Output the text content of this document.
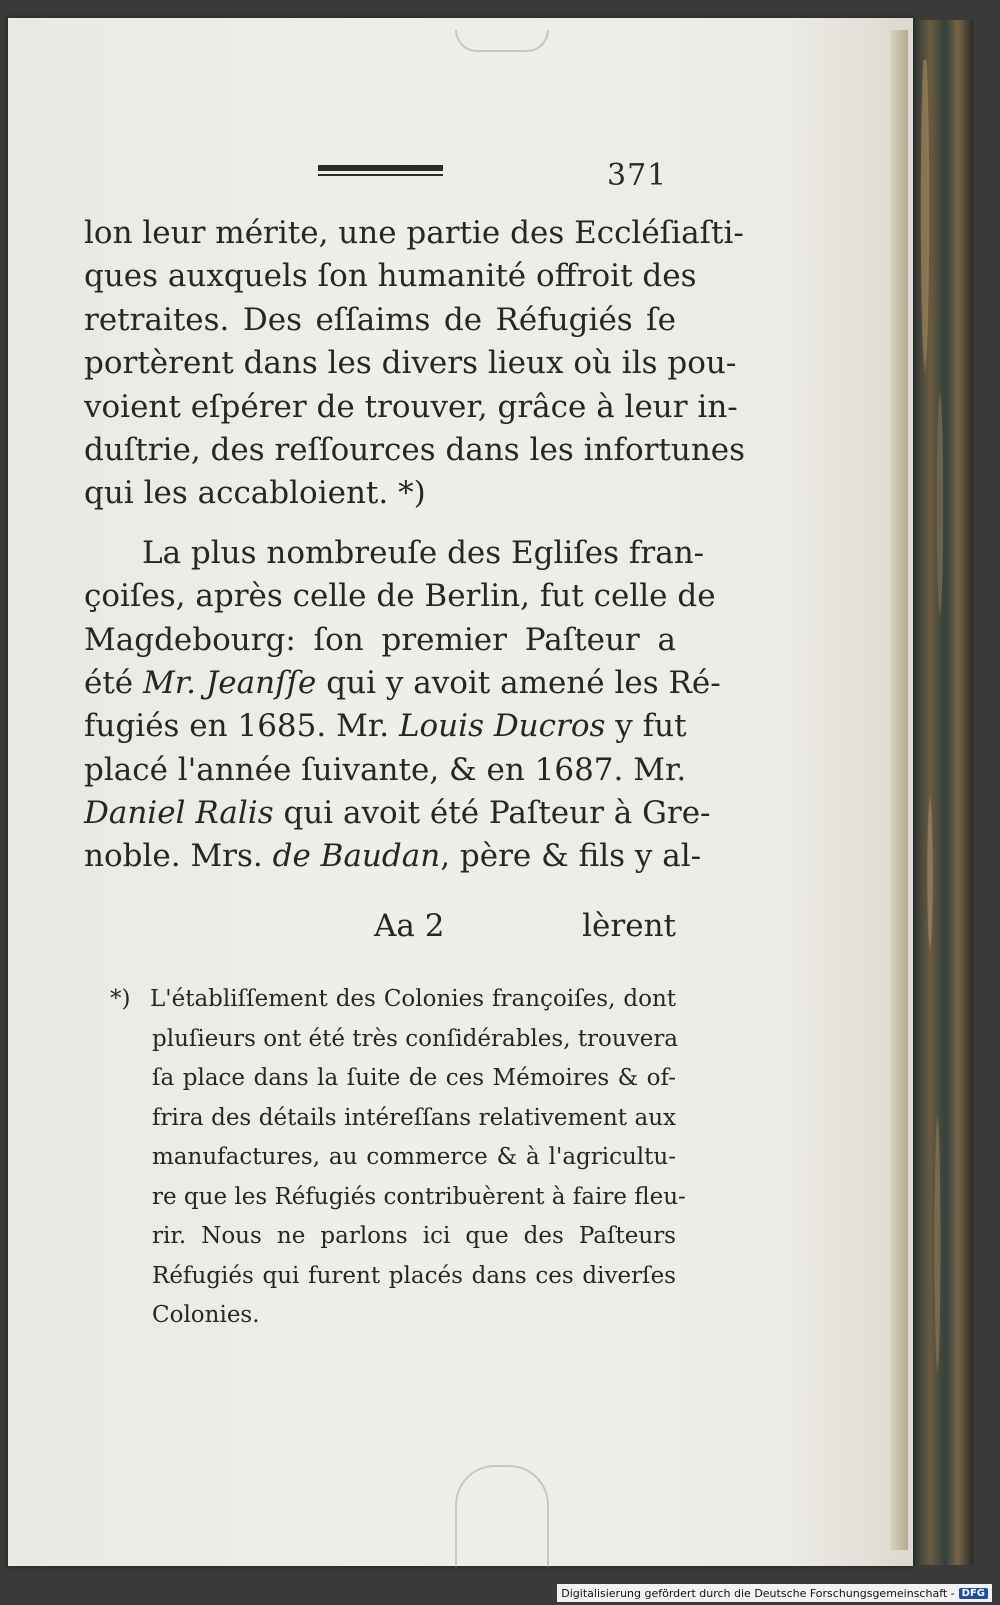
371
lon leur mérite, une partie des Eccléſiaſti-
ques auxquels ſon humanité offroit des
retraites. Des eſſaims de Réfugiés ſe
portèrent dans les divers lieux où ils pou-
voient eſpérer de trouver, grâce à leur in-
duſtrie, des reſſources dans les infortunes
qui les accabloient. *)
La plus nombreuſe des Egliſes fran-
çoiſes, après celle de Berlin, fut celle de
Magdebourg: ſon premier Paſteur a
été Mr. Jeanſſe qui y avoit amené les Ré-
fugiés en 1685. Mr. Louis Ducros y fut
placé l'année ſuivante, & en 1687. Mr.
Daniel Ralis qui avoit été Paſteur à Gre-
noble. Mrs. de Baudan, père & fils y al-
Aa 2	lèrent
*) L'établiſſement des Colonies françoiſes, dont
pluſieurs ont été très conſidérables, trouvera
ſa place dans la ſuite de ces Mémoires & of-
frira des détails intéreſſans relativement aux
manufactures, au commerce & à l'agricultu-
re que les Réfugiés contribuèrent à faire fleu-
rir. Nous ne parlons ici que des Paſteurs
Réfugiés qui furent placés dans ces diverſes
Colonies.
Digitalisierung gefördert durch die Deutsche Forschungsgemeinschaft - DFG
